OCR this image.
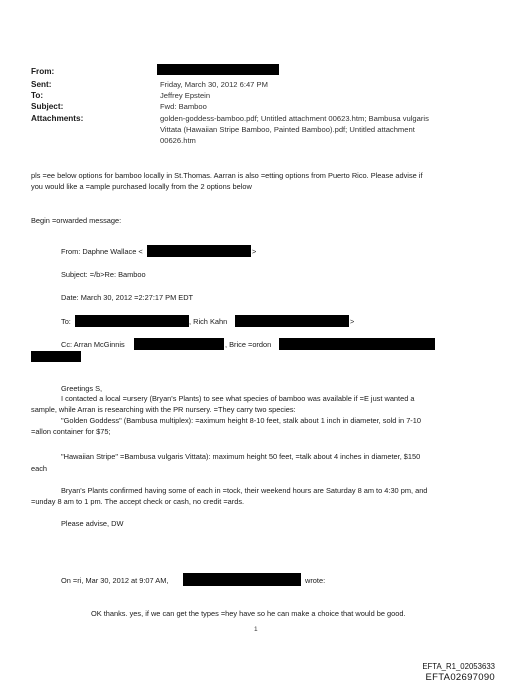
From:
Sent:	Friday, March 30, 2012 6:47 PM
To:	Jeffrey Epstein
Subject:	Fwd: Bamboo
Attachments:	golden-goddess-bamboo.pdf; Untitled attachment 00623.htm; Bambusa vulgaris
Vittata (Hawaiian Stripe Bamboo, Painted Bamboo).pdf; Untitled attachment
00626.htm
pls =ee below options for bamboo locally in St.Thomas. Aarran is also =etting options from Puerto Rico. Please advise if
you would like a =ample purchased locally from the 2 options below
Begin =orwarded message:
From: Daphne Wallace <	>
Subject: =/b>Re: Bamboo
Date: March 30, 2012 =2:27:17 PM EDT
To:	, Rich Kahn	>
Cc: Arran McGinnis	, Brice =ordon
Greetings S,
I contacted a local =ursery (Bryan's Plants) to see what species of bamboo was available if =E just wanted a
sample, while Arran is researching with the PR nursery. =They carry two species:
"Golden Goddess" (Bambusa multiplex): =aximum height 8-10 feet, stalk about 1 inch in diameter, sold in 7-10
=allon container for $75;
"Hawaiian Stripe" =Bambusa vulgaris Vittata): maximum height 50 feet, =talk about 4 inches in diameter, $150
each
Bryan's Plants confirmed having some of each in =tock, their weekend hours are Saturday 8 am to 4:30 pm, and
=unday 8 am to 1 pm. The accept check or cash, no credit =ards.
Please advise, DW
On =ri, Mar 30, 2012 at 9:07 AM,	wrote:
OK thanks. yes, if we can get the types =hey have so he can make a choice that would be good.
1
EFTA_R1_02053633
EFTA02697090
